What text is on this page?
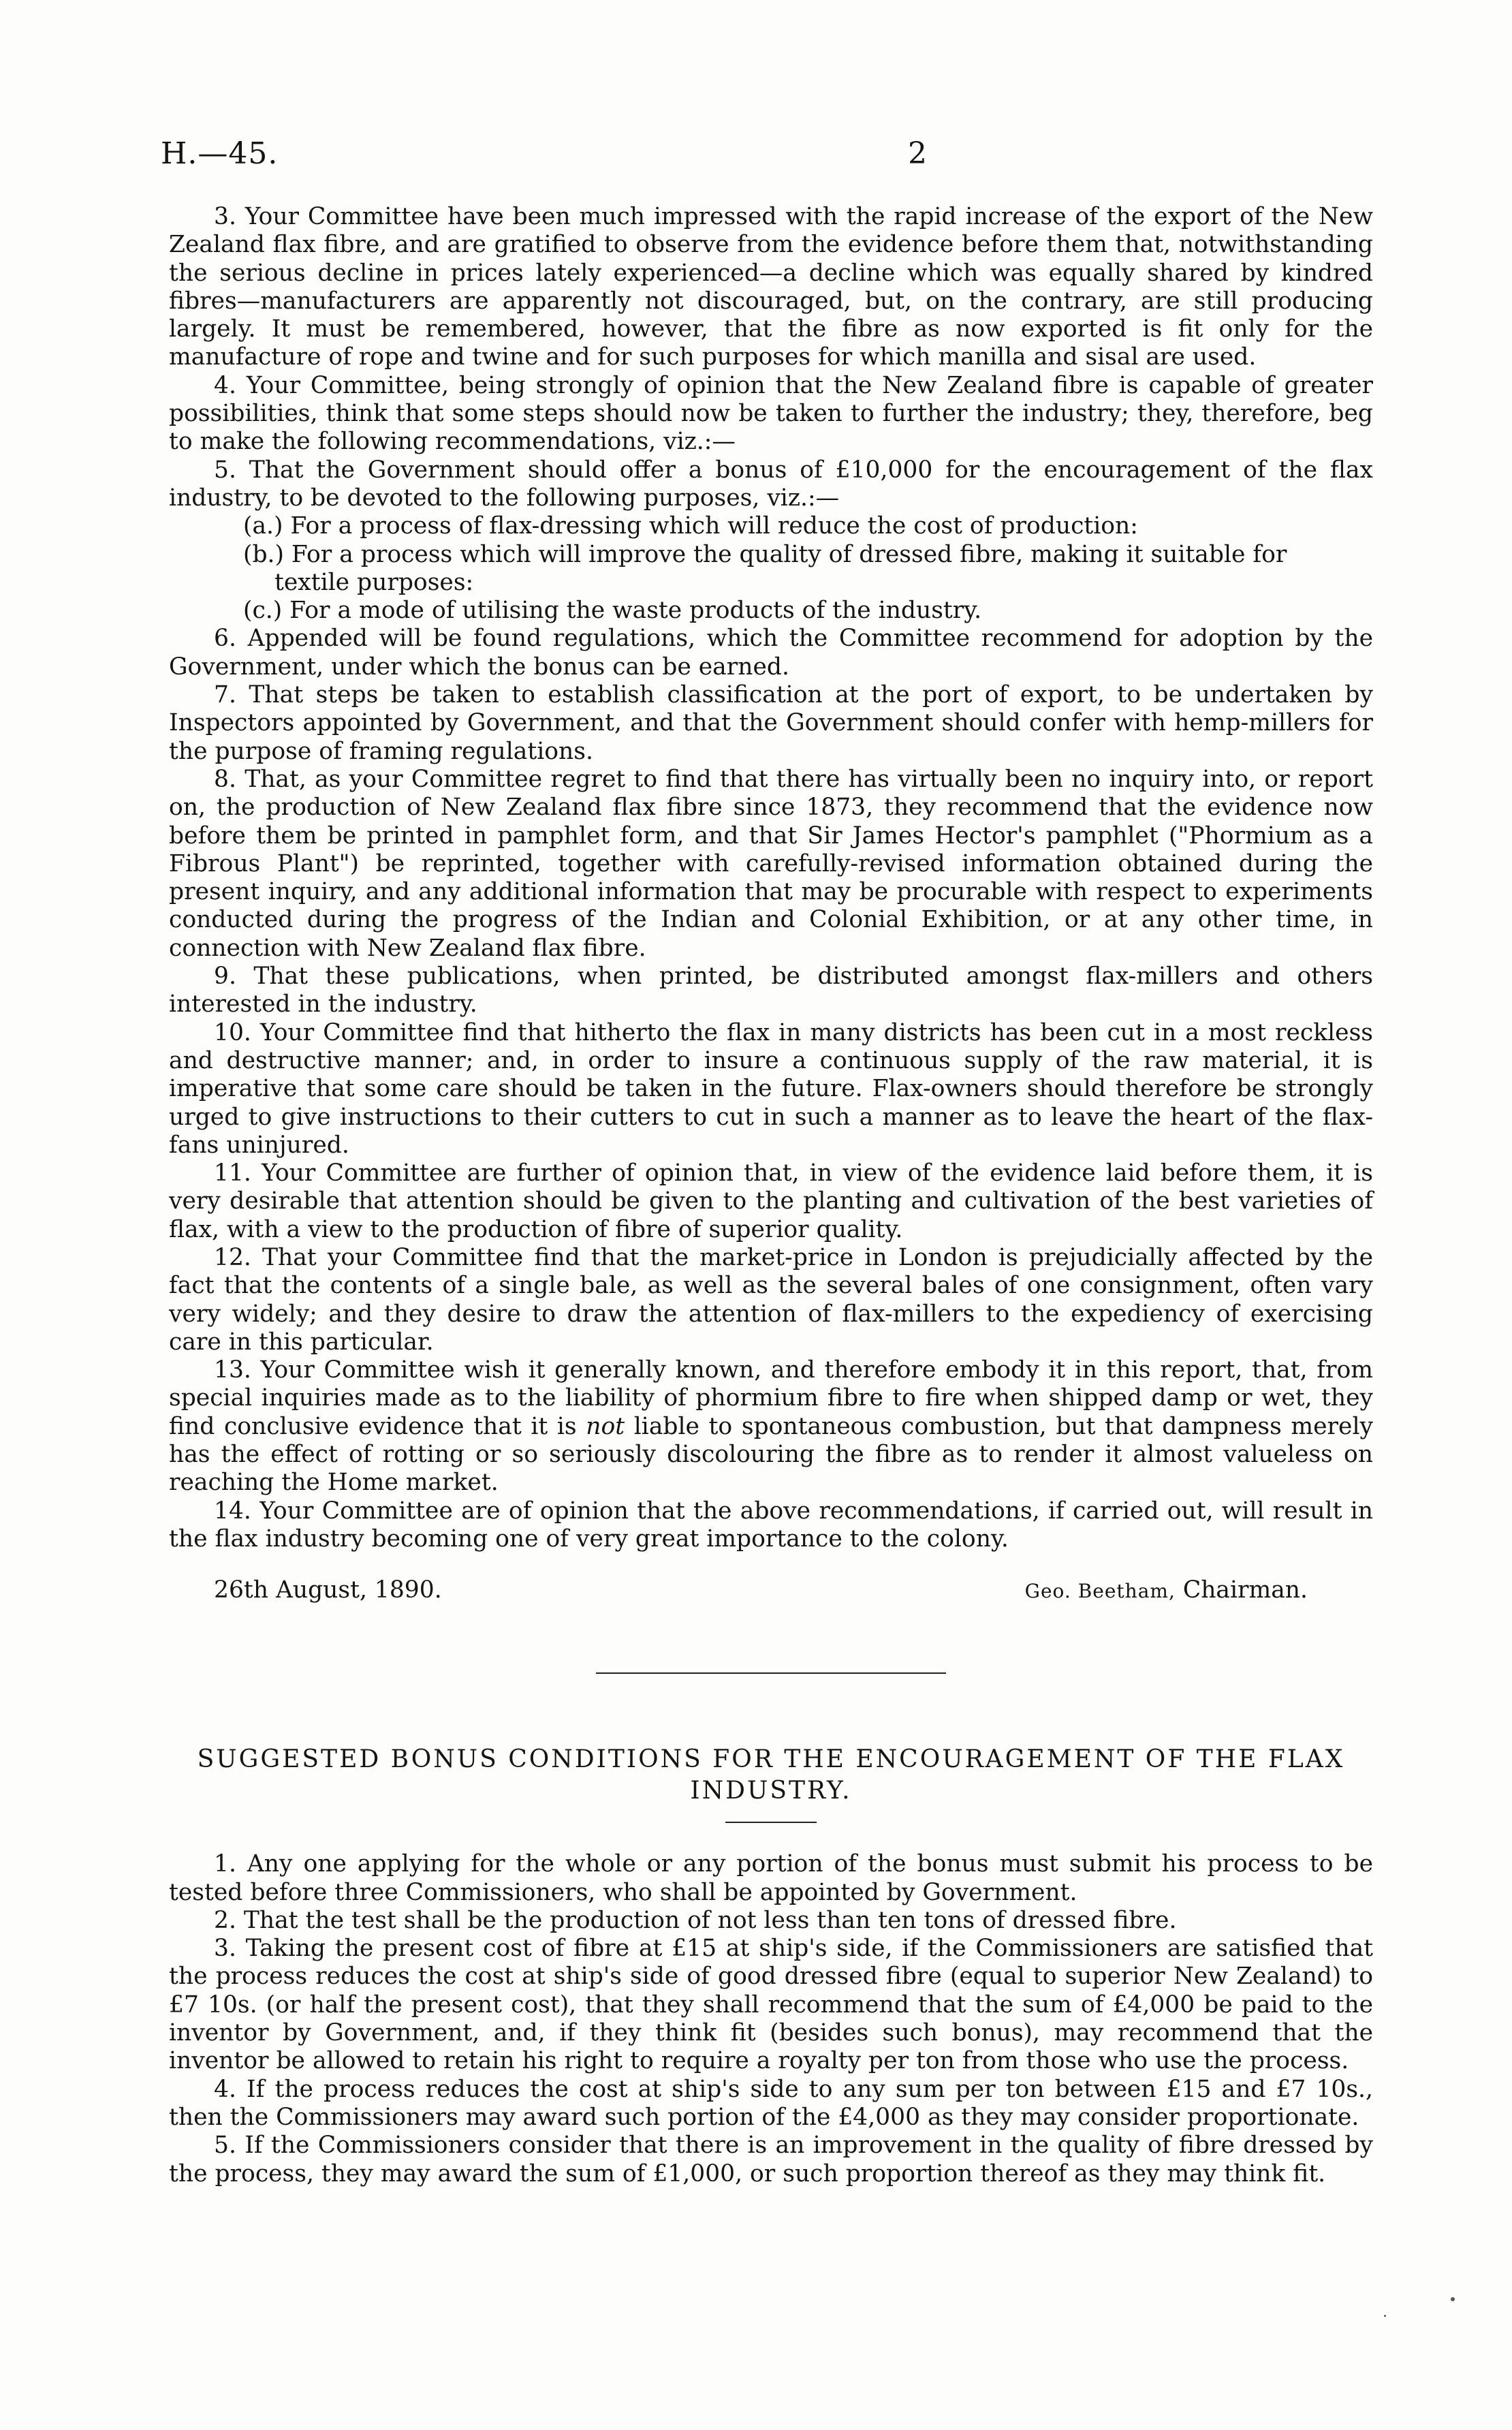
H.—45.	2

3. Your Committee have been much impressed with the rapid increase of the export of the New Zealand flax fibre, and are gratified to observe from the evidence before them that, notwithstanding the serious decline in prices lately experienced—a decline which was equally shared by kindred fibres—manufacturers are apparently not discouraged, but, on the contrary, are still producing largely. It must be remembered, however, that the fibre as now exported is fit only for the manufacture of rope and twine and for such purposes for which manilla and sisal are used.

4. Your Committee, being strongly of opinion that the New Zealand fibre is capable of greater possibilities, think that some steps should now be taken to further the industry; they, therefore, beg to make the following recommendations, viz.:—

5. That the Government should offer a bonus of £10,000 for the encouragement of the flax industry, to be devoted to the following purposes, viz.:—

(a.) For a process of flax-dressing which will reduce the cost of production:

(b.) For a process which will improve the quality of dressed fibre, making it suitable for
textile purposes:

(c.) For a mode of utilising the waste products of the industry.

6. Appended will be found regulations, which the Committee recommend for adoption by the Government, under which the bonus can be earned.

7. That steps be taken to establish classification at the port of export, to be undertaken by Inspectors appointed by Government, and that the Government should confer with hemp-millers for the purpose of framing regulations.

8. That, as your Committee regret to find that there has virtually been no inquiry into, or report on, the production of New Zealand flax fibre since 1873, they recommend that the evidence now before them be printed in pamphlet form, and that Sir James Hector's pamphlet ("Phormium as a Fibrous Plant") be reprinted, together with carefully-revised information obtained during the present inquiry, and any additional information that may be procurable with respect to experiments conducted during the progress of the Indian and Colonial Exhibition, or at any other time, in connection with New Zealand flax fibre.

9. That these publications, when printed, be distributed amongst flax-millers and others interested in the industry.

10. Your Committee find that hitherto the flax in many districts has been cut in a most reckless and destructive manner; and, in order to insure a continuous supply of the raw material, it is imperative that some care should be taken in the future. Flax-owners should therefore be strongly urged to give instructions to their cutters to cut in such a manner as to leave the heart of the flax-fans uninjured.

11. Your Committee are further of opinion that, in view of the evidence laid before them, it is very desirable that attention should be given to the planting and cultivation of the best varieties of flax, with a view to the production of fibre of superior quality.

12. That your Committee find that the market-price in London is prejudicially affected by the fact that the contents of a single bale, as well as the several bales of one consignment, often vary very widely; and they desire to draw the attention of flax-millers to the expediency of exercising care in this particular.

13. Your Committee wish it generally known, and therefore embody it in this report, that, from special inquiries made as to the liability of phormium fibre to fire when shipped damp or wet, they find conclusive evidence that it is not liable to spontaneous combustion, but that dampness merely has the effect of rotting or so seriously discolouring the fibre as to render it almost valueless on reaching the Home market.

14. Your Committee are of opinion that the above recommendations, if carried out, will result in the flax industry becoming one of very great importance to the colony.

26th August, 1890.	Geo. Beetham, Chairman.
SUGGESTED BONUS CONDITIONS FOR THE ENCOURAGEMENT OF THE FLAX INDUSTRY.

1. Any one applying for the whole or any portion of the bonus must submit his process to be tested before three Commissioners, who shall be appointed by Government.

2. That the test shall be the production of not less than ten tons of dressed fibre.

3. Taking the present cost of fibre at £15 at ship's side, if the Commissioners are satisfied that the process reduces the cost at ship's side of good dressed fibre (equal to superior New Zealand) to £7 10s. (or half the present cost), that they shall recommend that the sum of £4,000 be paid to the inventor by Government, and, if they think fit (besides such bonus), may recommend that the inventor be allowed to retain his right to require a royalty per ton from those who use the process.

4. If the process reduces the cost at ship's side to any sum per ton between £15 and £7 10s., then the Commissioners may award such portion of the £4,000 as they may consider proportionate.

5. If the Commissioners consider that there is an improvement in the quality of fibre dressed by the process, they may award the sum of £1,000, or such proportion thereof as they may think fit.
